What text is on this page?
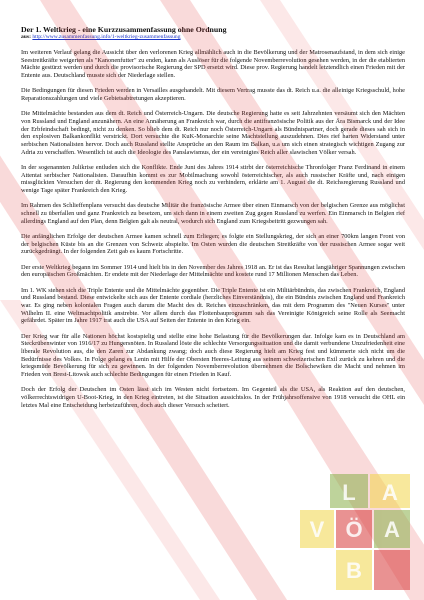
Der 1. Weltkrieg - eine Kurzzusammenfassung ohne Ordnung

aus: http://www.zusammenfassung.info/1-weltkrieg-zusammenfassung

Im weiteren Verlauf gelang die Aussicht über den verlorenen Krieg allmählich auch in die Bevölkerung und der Matrosenaufstand, in dem sich einige Seestreitkräfte weigerten als "Kanonenfutter" zu enden, kann als Auslöser für die folgende Novemberrevolution gesehen werden, in der die etablierten Mächte gestürzt werden und durch die provisorische Regierung der SPD ersetzt wird. Diese prov. Regierung handelt letztendlich einen Frieden mit der Entente aus. Deutschland musste sich der Niederlage stellen.

Die Bedingungen für diesen Frieden werden in Versailles ausgehandelt. Mit diesem Vertrag musste das dt. Reich u.a. die alleinige Kriegsschuld, hohe Reparationszahlungen und viele Gebietsabtretungen akzeptieren.

Die Mittelmächte bestanden aus dem dt. Reich und Österreich-Ungarn. Die deutsche Regierung hatte es seit Jahrzehnten versäumt sich den Mächten von Russland und England anzunähern. An eine Annäherung an Frankreich war, durch die antifranzösische Politik aus der Ära Bismarck und der Idee der Erbfeindschaft bedingt, nicht zu denken. So blieb dem dt. Reich nur noch Österreich-Ungarn als Bündnispartner, doch gerade dieses sah sich in den explosiven Balkankonflikt verstrickt. Dort versuchte die KuK-Monarchie seine Machtstellung auszudehnen. Dies rief harten Widerstand unter serbischen Nationalisten hervor. Doch auch Russland stellte Ansprüche an den Raum im Balkan, u.a um sich einen strategisch wichtigen Zugang zur Adria zu verschaffen. Wesentlich ist auch die Ideologie des Panslawismus, der ein vereinigtes Reich aller slawischen Völker versah.

In der sogenannten Julikrise entluden sich die Konflikte. Ende Juni des Jahres 1914 stirbt der österreichische Thronfolger Franz Ferdinand in einem Attentat serbischer Nationalisten. Daraufhin kommt es zur Mobilmachung sowohl österreichischer, als auch russischer Kräfte und, nach einigen missglückten Versuchen der dt. Regierung den kommenden Krieg noch zu verhindern, erklärte am 1. August die dt. Reichsregierung Russland und wenige Tage später Frankreich den Krieg.

Im Rahmen des Schlieffenplans versucht das deutsche Militär die französische Armee über einen Einmarsch von der belgischen Grenze aus möglichst schnell zu überfallen und ganz Frankreich zu besetzen, um sich dann in einem zweiten Zug gegen Russland zu werfen. Ein Einmarsch in Belgien rief allerdings England auf den Plan, denn Belgien galt als neutral, wodurch sich England zum Kriegsbeitritt gezwungen sah.

Die anfänglichen Erfolge der deutschen Armee kamen schnell zum Erliegen; es folgte ein Stellungskrieg, der sich an einer 700km langen Front von der belgischen Küste bis an die Grenzen von Schweiz abspielte. Im Osten wurden die deutschen Streitkräfte von der russischen Armee sogar weit zurückgedrängt. In der folgenden Zeit gab es kaum Fortschritte.

Der erste Weltkrieg begann im Sommer 1914 und hielt bis in den November des Jahres 1918 an. Er ist das Resultat langjähriger Spannungen zwischen den europäischen Großmächten. Er endete mit der Niederlage der Mittelmächte und kostete rund 17 Millionen Menschen das Leben.

Im 1. WK stehen sich die Triple Entente und die Mittelmächte gegenüber. Die Triple Entente ist ein Militärbündnis, das zwischen Frankreich, England und Russland bestand. Diese entwickelte sich aus der Entente cordiale (herzliches Einverständnis), die ein Bündnis zwischen England und Frankreich war. Es ging neben kolonialen Fragen auch darum die Macht des dt. Reiches einzuschränken, das mit dem Programm des "Neuen Kurses" unter Wilhelm II. eine Weltmachtpolitik anstrebte. Vor allem durch das Flottenbauprogramm sah das Vereinigte Königreich seine Rolle als Seemacht gefährdet. Später im Jahre 1917 trat auch die USA auf Seiten der Entente in den Krieg ein.

Der Krieg war für alle Nationen höchst kostspielig und stellte eine hohe Belastung für die Bevölkerungen dar. Infolge kam es in Deutschland am Steckrübenwinter von 1916/17 zu Hungersnöten. In Russland löste die schlechte Versorgungssituation und die damit verbundene Unzufriedenheit eine liberale Revolution aus, die den Zaren zur Abdankung zwang; doch auch diese Regierung hielt am Krieg fest und kümmerte sich nicht um die Bedürfnisse des Volkes. In Folge gelang es Lenin mit Hilfe der Obersten Heeres-Leitung aus seinem schweizerischen Exil zurück zu kehren und die kriegsmüde Bevölkerung für sich zu gewinnen. In der folgenden Novemberrevolution übernehmen die Bolschewiken die Macht und nehmen im Frieden von Brest-Litowsk auch schlechte Bedingungen für einen Frieden in Kauf.

Doch der Erfolg der Deutschen im Osten lässt sich im Westen nicht fortsetzen. Im Gegenteil als die USA, als Reaktion auf den deutschen, völkerrechtswidrigen U-Boot-Krieg, in den Krieg eintreten, ist die Situation aussichtslos. In der Frühjahrsoffensive von 1918 versucht die OHL ein letztes Mal eine Entscheidung herbeizuführen, doch auch dieser Versuch scheitert.

L A
V Ö A
B
